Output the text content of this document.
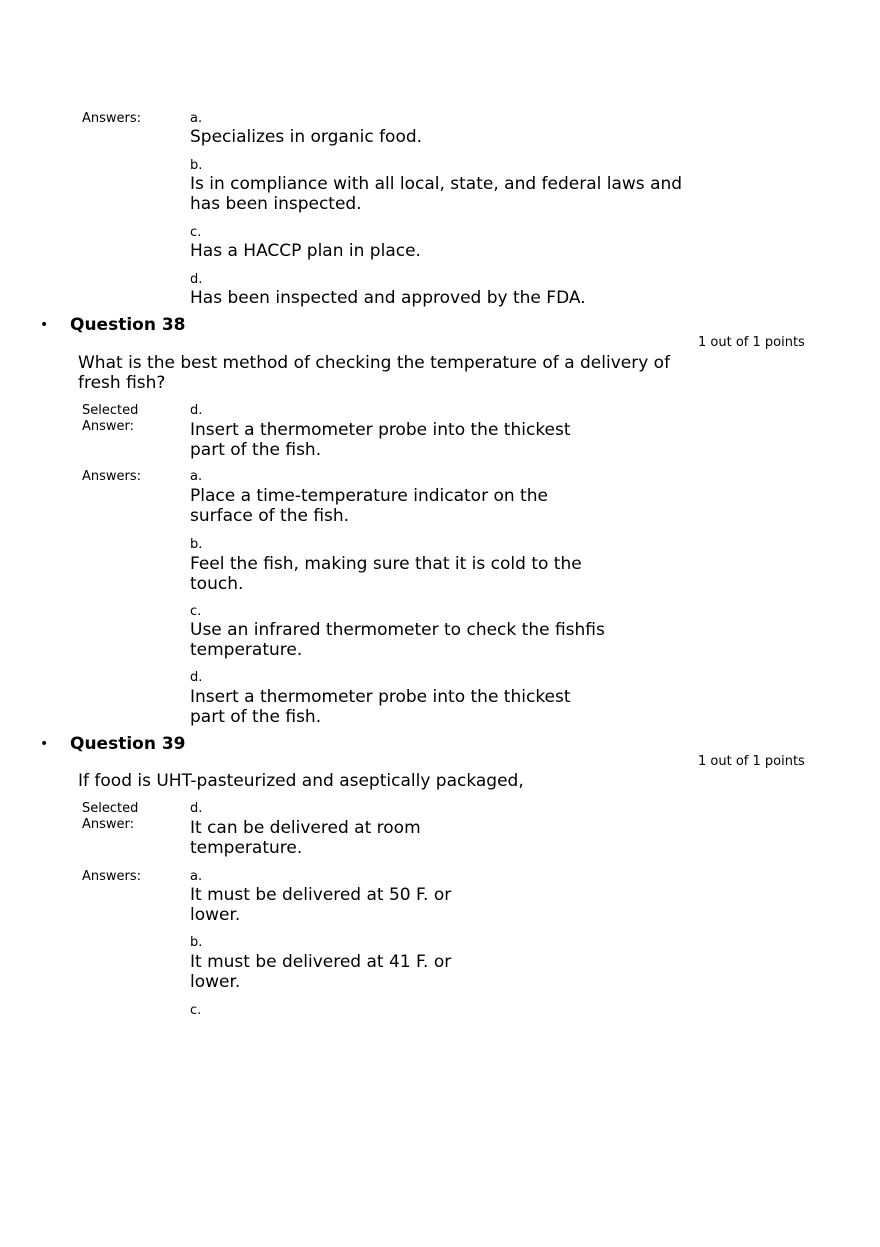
Answers:	a.
Specializes in organic food.
b.
Is in compliance with all local, state, and federal laws and
has been inspected.
c.
Has a HACCP plan in place.
d.
Has been inspected and approved by the FDA.
• Question 38
1 out of 1 points
What is the best method of checking the temperature of a delivery of
fresh fish?
Selected
Answer:
d.
Insert a thermometer probe into the thickest
part of the fish.
Answers:	a.
Place a time-temperature indicator on the
surface of the fish.
b.
Feel the fish, making sure that it is cold to the
touch.
c.
Use an infrared thermometer to check the fishfis
temperature.
d.
Insert a thermometer probe into the thickest
part of the fish.
• Question 39
1 out of 1 points
If food is UHT-pasteurized and aseptically packaged,
Selected
Answer:
d.
It can be delivered at room
temperature.
Answers:	a.
It must be delivered at 50 F. or
lower.
b.
It must be delivered at 41 F. or
lower.
c.
